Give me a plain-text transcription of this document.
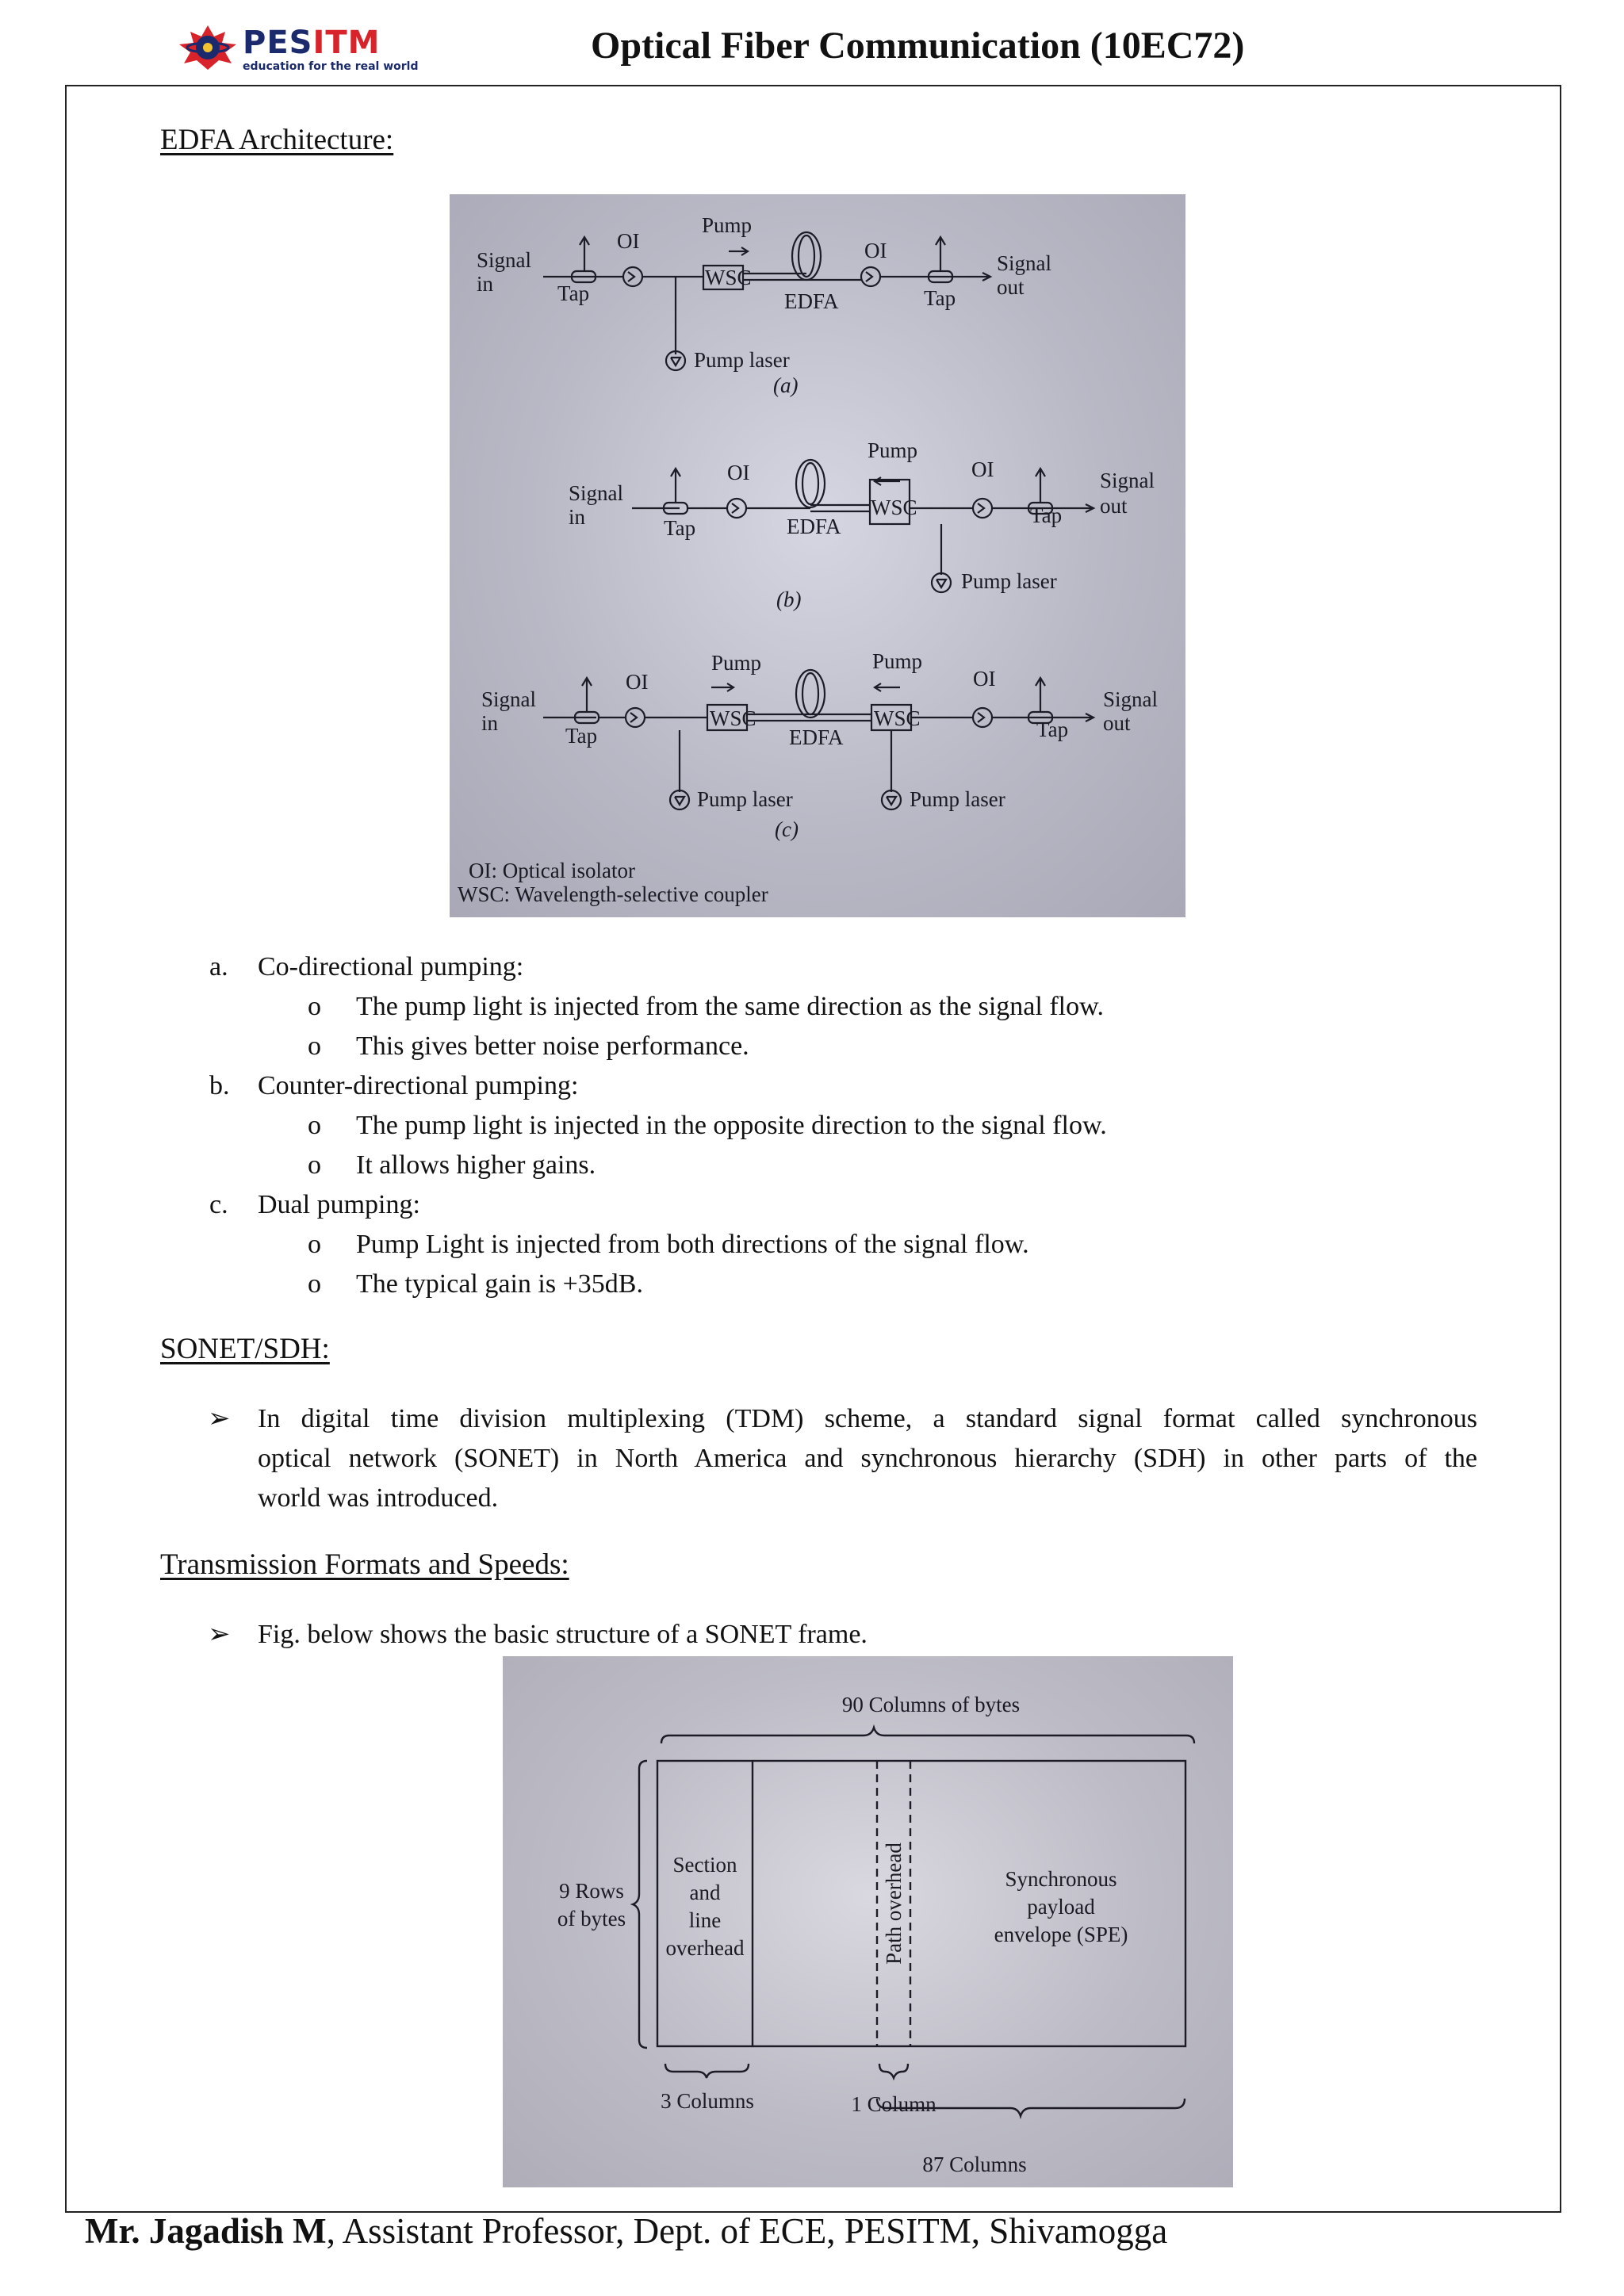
PESITM
education for the real world	Optical Fiber Communication (10EC72)
EDFA Architecture:
Signal
in	Tap
OI
Pump
WSC
EDFA
OI
Tap
Signal
out
Pump laser
(a)
Signal
in	Tap
OI
EDFA
Pump
WSC
OI
Tap
Signal
out
Pump laser
(b)
Signal
in
Tap
OI
Pump
WSC
EDFA
Pump
WSC
OI
Tap
Signal
out
Pump laser	Pump laser
(c)
OI: Optical isolator
WSC: Wavelength-selective coupler
a. Co-directional pumping:
o The pump light is injected from the same direction as the signal flow.
o This gives better noise performance.
b. Counter-directional pumping:
o The pump light is injected in the opposite direction to the signal flow.
o It allows higher gains.
c. Dual pumping:
o Pump Light is injected from both directions of the signal flow.
o The typical gain is +35dB.
SONET/SDH:
➢ In digital time division multiplexing (TDM) scheme, a standard signal format called synchronous
optical network (SONET) in North America and synchronous hierarchy (SDH) in other parts of the
world was introduced.
Transmission Formats and Speeds:
➢ Fig. below shows the basic structure of a SONET frame.
90 Columns of bytes
9 Rows
of bytes
Section
and
line
overhead	Path overhead	Synchronous
payload
envelope (SPE)
3 Columns	1 Column
87 Columns
Mr. Jagadish M, Assistant Professor, Dept. of ECE, PESITM, Shivamogga
